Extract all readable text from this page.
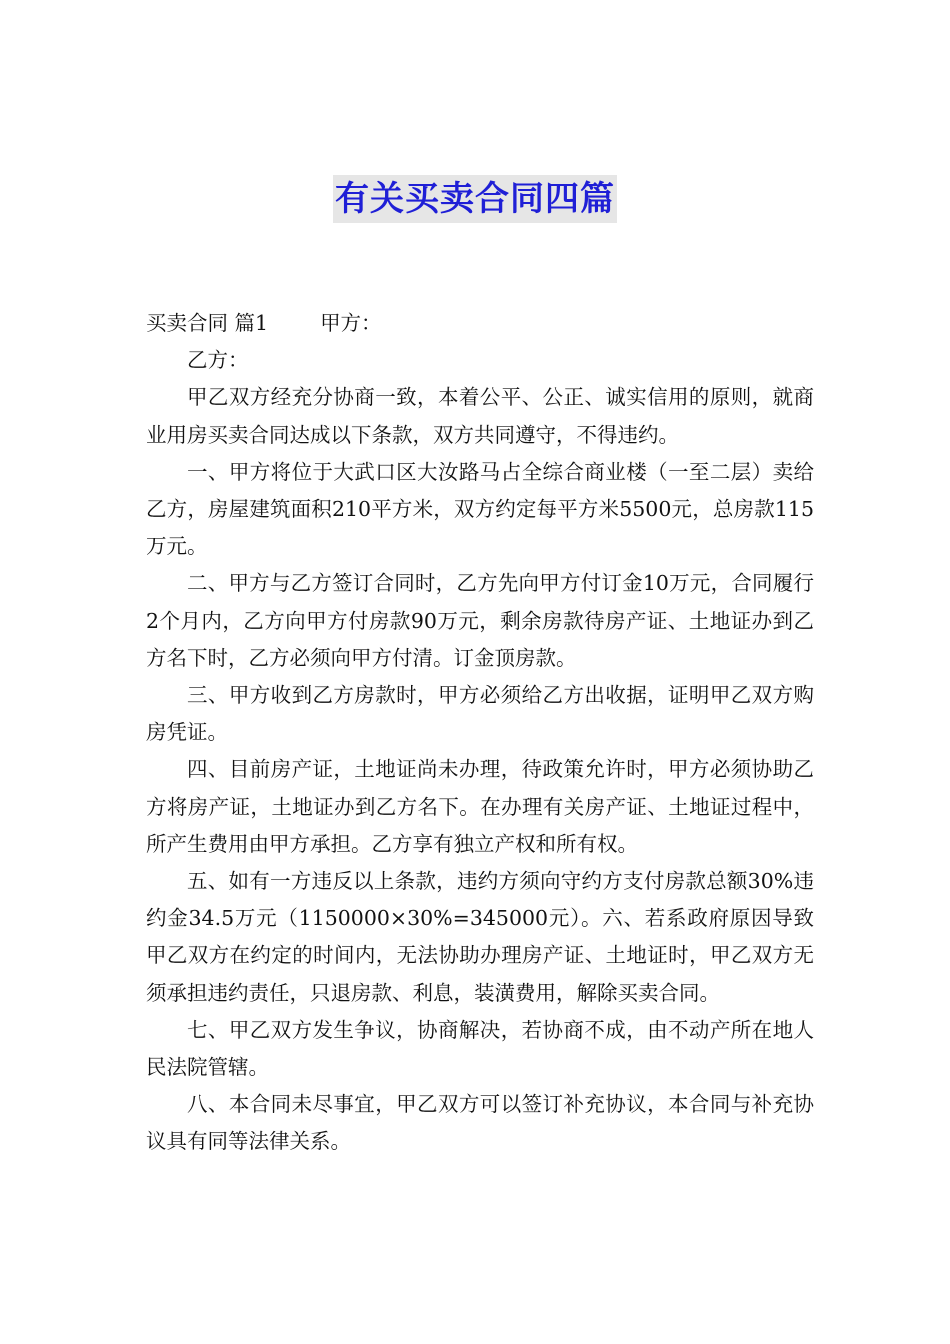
有关买卖合同四篇

买卖合同 篇1	甲方：

乙方：

甲乙双方经充分协商一致，本着公平、公正、诚实信用的原则，就商业用房买卖合同达成以下条款，双方共同遵守，不得违约。

一、甲方将位于大武口区大汝路马占全综合商业楼（一至二层）卖给乙方，房屋建筑面积210平方米，双方约定每平方米5500元，总房款115万元。

二、甲方与乙方签订合同时，乙方先向甲方付订金10万元，合同履行2个月内，乙方向甲方付房款90万元，剩余房款待房产证、土地证办到乙方名下时，乙方必须向甲方付清。订金顶房款。

三、甲方收到乙方房款时，甲方必须给乙方出收据，证明甲乙双方购房凭证。

四、目前房产证，土地证尚未办理，待政策允许时，甲方必须协助乙方将房产证，土地证办到乙方名下。在办理有关房产证、土地证过程中，所产生费用由甲方承担。乙方享有独立产权和所有权。

五、如有一方违反以上条款，违约方须向守约方支付房款总额30%违约金34.5万元（1150000×30%=345000元）。六、若系政府原因导致甲乙双方在约定的时间内，无法协助办理房产证、土地证时，甲乙双方无须承担违约责任，只退房款、利息，装潢费用，解除买卖合同。

七、甲乙双方发生争议，协商解决，若协商不成，由不动产所在地人民法院管辖。

八、本合同未尽事宜，甲乙双方可以签订补充协议，本合同与补充协议具有同等法律关系。
